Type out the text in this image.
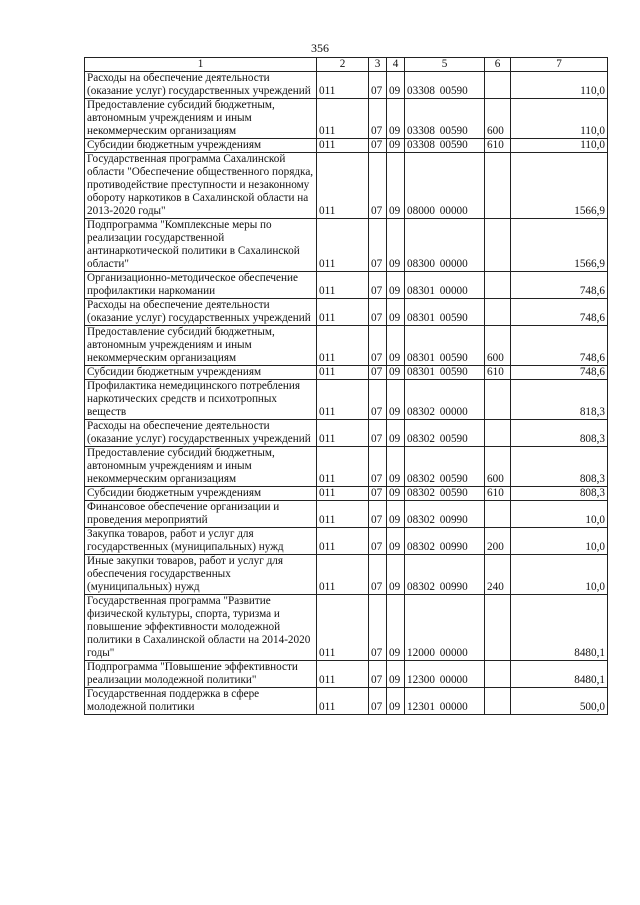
356
1	2	3	4	5	6	7
Расходы на обеспечение деятельности (оказание услуг) государственных учреждений	011	07	09	03308 00590		110,0
Предоставление субсидий бюджетным, автономным учреждениям и иным некоммерческим организациям	011	07	09	03308 00590	600	110,0
Субсидии бюджетным учреждениям	011	07	09	03308 00590	610	110,0
Государственная программа Сахалинской области "Обеспечение общественного порядка, противодействие преступности и незаконному обороту наркотиков в Сахалинской области на 2013-2020 годы"	011	07	09	08000 00000		1566,9
Подпрограмма "Комплексные меры по реализации государственной антинаркотической политики в Сахалинской области"	011	07	09	08300 00000		1566,9
Организационно-методическое обеспечение профилактики наркомании	011	07	09	08301 00000		748,6
Расходы на обеспечение деятельности (оказание услуг) государственных учреждений	011	07	09	08301 00590		748,6
Предоставление субсидий бюджетным, автономным учреждениям и иным некоммерческим организациям	011	07	09	08301 00590	600	748,6
Субсидии бюджетным учреждениям	011	07	09	08301 00590	610	748,6
Профилактика немедицинского потребления наркотических средств и психотропных веществ	011	07	09	08302 00000		818,3
Расходы на обеспечение деятельности (оказание услуг) государственных учреждений	011	07	09	08302 00590		808,3
Предоставление субсидий бюджетным, автономным учреждениям и иным некоммерческим организациям	011	07	09	08302 00590	600	808,3
Субсидии бюджетным учреждениям	011	07	09	08302 00590	610	808,3
Финансовое обеспечение организации и проведения мероприятий	011	07	09	08302 00990		10,0
Закупка товаров, работ и услуг для государственных (муниципальных) нужд	011	07	09	08302 00990	200	10,0
Иные закупки товаров, работ и услуг для обеспечения государственных (муниципальных) нужд	011	07	09	08302 00990	240	10,0
Государственная программа "Развитие физической культуры, спорта, туризма и повышение эффективности молодежной политики в Сахалинской области на 2014-2020 годы"	011	07	09	12000 00000		8480,1
Подпрограмма "Повышение эффективности реализации молодежной политики"	011	07	09	12300 00000		8480,1
Государственная поддержка в сфере молодежной политики	011	07	09	12301 00000		500,0
